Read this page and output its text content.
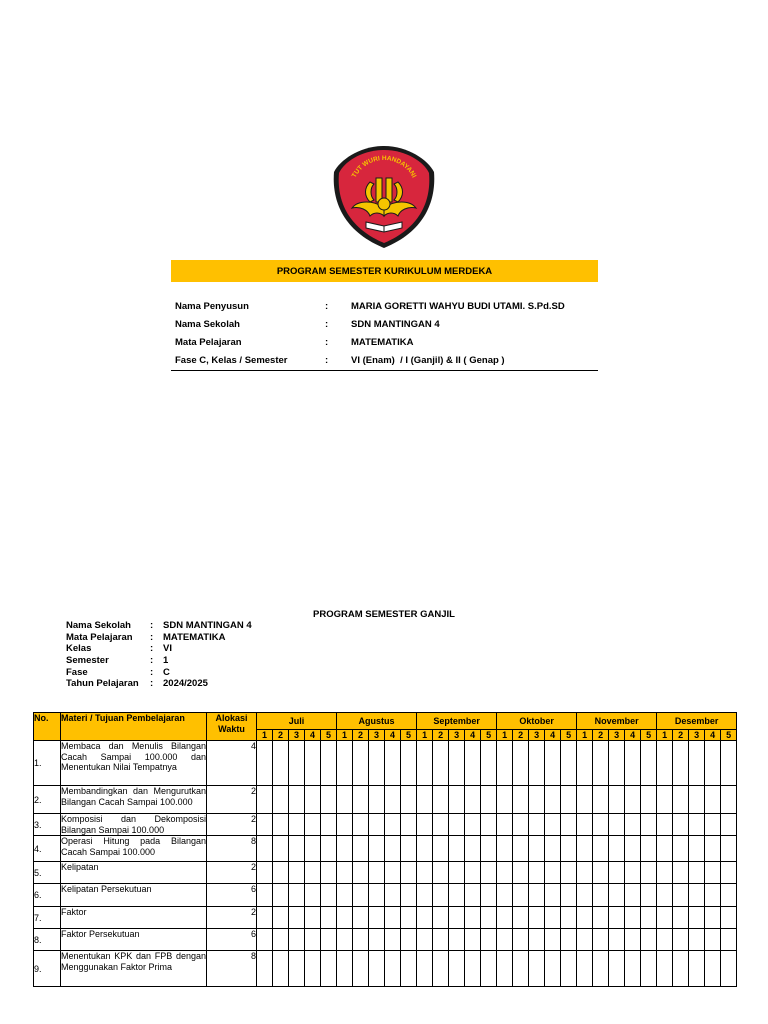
TUT WURI HANDAYANI
PROGRAM SEMESTER KURIKULUM MERDEKA
Nama Penyusun	:	MARIA GORETTI WAHYU BUDI UTAMI. S.Pd.SD
Nama Sekolah	:	SDN MANTINGAN 4
Mata Pelajaran	:	MATEMATIKA
Fase C, Kelas / Semester	:	VI (Enam)  / I (Ganjil) & II ( Genap )
PROGRAM SEMESTER GANJIL
Nama Sekolah	:	SDN MANTINGAN 4
Mata Pelajaran	:	MATEMATIKA
Kelas	:	VI
Semester	:	1
Fase	:	C
Tahun Pelajaran	:	2024/2025
No.	Materi / Tujuan Pembelajaran	Alokasi Waktu	Juli					Agustus					September					Oktober					November					Desember				
			1	2	3	4	5	1	2	3	4	5	1	2	3	4	5	1	2	3	4	5	1	2	3	4	5	1	2	3	4	5
1.	Membaca dan Menulis Bilangan Cacah Sampai 100.000 dan Menentukan Nilai Tempatnya	4																														
2.	Membandingkan dan Mengurutkan Bilangan Cacah Sampai 100.000	2																														
3.	Komposisi dan Dekomposisi Bilangan Sampai 100.000	2																														
4.	Operasi Hitung pada Bilangan Cacah Sampai 100.000	8																														
5.	Kelipatan	2																														
6.	Kelipatan Persekutuan	6																														
7.	Faktor	2																														
8.	Faktor Persekutuan	6																														
9.	Menentukan KPK dan FPB dengan Menggunakan Faktor Prima	8																														
